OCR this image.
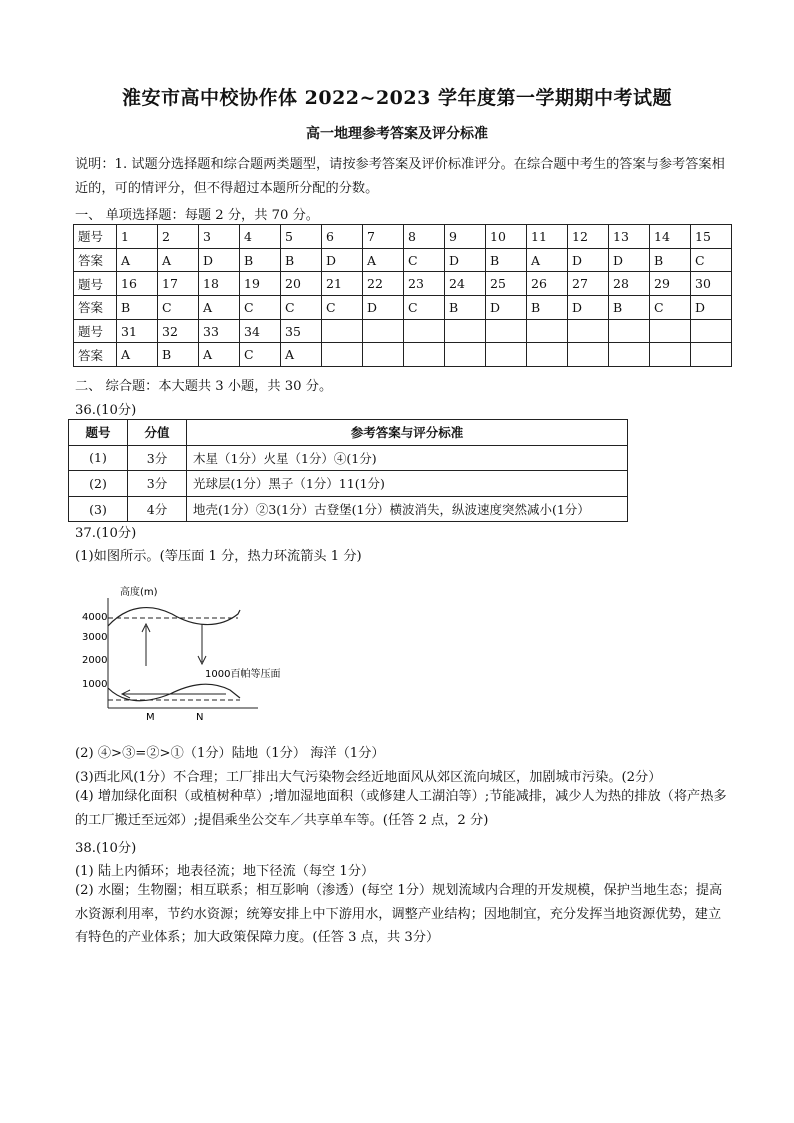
淮安市高中校协作体 2022~2023 学年度第一学期期中考试题
高一地理参考答案及评分标准
说明：1. 试题分选择题和综合题两类题型，请按参考答案及评价标准评分。在综合题中考生的答案与参考答案相近的，可的情评分，但不得超过本题所分配的分数。
一、 单项选择题：每题 2 分，共 70 分。
题号	1	2	3	4	5	6	7	8	9	10	11	12	13	14	15
答案	A	A	D	B	B	D	A	C	D	B	A	D	D	B	C
题号	16	17	18	19	20	21	22	23	24	25	26	27	28	29	30
答案	B	C	A	C	C	C	D	C	B	D	B	D	B	C	D
题号	31	32	33	34	35										
答案	A	B	A	C	A										
二、 综合题：本大题共 3 小题，共 30 分。
36.(10分)
题号	分值	参考答案与评分标准
(1)	3分	木星（1分）火星（1分）④(1分)
(2)	3分	光球层(1分）黑子（1分）11(1分)
(3)	4分	地壳(1分）②3(1分）古登堡(1分）横波消失，纵波速度突然减小(1分）
37.(10分)
(1)如图所示。(等压面 1 分，热力环流箭头 1 分)
高度(m)
4000
3000
2000
1000
1000百帕等压面
M	N
(2) ④>③=②>①（1分）陆地（1分） 海洋（1分）
(3)西北风(1分）不合理；工厂排出大气污染物会经近地面风从郊区流向城区，加剧城市污染。(2分）
(4) 增加绿化面积（或植树种草）;增加湿地面积（或修建人工湖泊等）;节能减排，减少人为热的排放（将产热多的工厂搬迁至远郊）;提倡乘坐公交车／共享单车等。(任答 2 点，2 分)
38.(10分)
(1) 陆上内循环；地表径流；地下径流（每空 1分）
(2) 水圈；生物圈；相互联系；相互影响（渗透）(每空 1分）规划流域内合理的开发规模，保护当地生态；提高水资源利用率，节约水资源；统筹安排上中下游用水，调整产业结构；因地制宜，充分发挥当地资源优势，建立有特色的产业体系；加大政策保障力度。(任答 3 点，共 3分）
